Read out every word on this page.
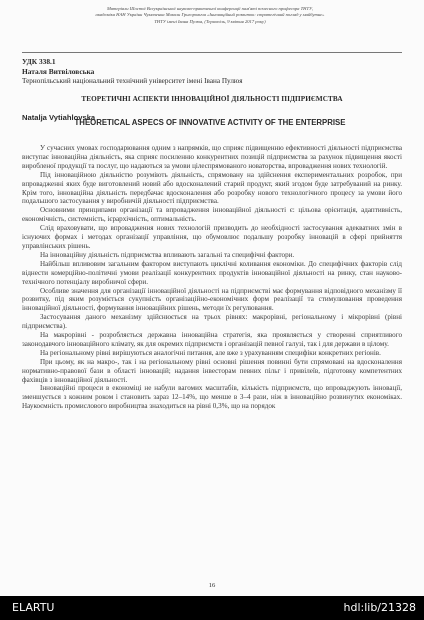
Матеріали Шостої Всеукраїнської науково-практичної конференції пам'яті почесного професора ТНТУ,
академіка НАН України Чумаченка Миколи Григоровича «Інноваційний розвиток: стратегічний погляд у майбутнє»
ТНТУ імені Івана Пулюя, (Тернопіль, 9 квітня 2017 року)
УДК 338.1
Наталя Витвіловська
Тернопільський національний технічний університет імені Івана Пулюя
ТЕОРЕТИЧНІ АСПЕКТИ ІННОВАЦІЙНОЇ ДІЯЛЬНОСТІ ПІДПРИЄМСТВА
Natalja Vytiahlovska
THEORETICAL ASPECS OF INNOVATIVE ACTIVITY OF THE ENTERPRISE

У сучасних умовах господарювання одним з напрямків, що сприяє підвищенню ефективності діяльності підприємства виступає інноваційна діяльність, яка сприяє посиленню конкурентних позицій підприємства за рахунок підвищення якості виробленої продукції та послуг, що надаються за умови цілеспрямованого новаторства, впровадження нових технологій.

Під інноваційною діяльністю розуміють діяльність, спрямовану на здійснення експериментальних розробок, при впровадженні яких буде виготовлений новий або вдосконалений старий продукт, який згодом буде затребуваний на ринку. Крім того, інноваційна діяльність передбачає вдосконалення або розробку нового технологічного процесу за умови його подальшого застосування у виробничій діяльності підприємства.

Основними принципами організації та впровадження інноваційної діяльності є: цільова орієнтація, адаптивність, економічність, системність, ієрархічність, оптимальність.

Слід враховувати, що впровадження нових технологій призводить до необхідності застосування адекватних змін в існуючих формах і методах організації управління, що обумовлює подальшу розробку інновацій в сфері прийняття управлінських рішень.

На інноваційну діяльність підприємства впливають загальні та специфічні фактори.

Найбільш впливовим загальним фактором виступають циклічні коливання економіки. До специфічних факторів слід віднести комерційно-політичні умови реалізації конкурентних продуктів інноваційної діяльності на ринку, стан науково-технічного потенціалу виробничої сфери.

Особливе значення для організації інноваційної діяльності на підприємстві має формування відповідного механізму її розвитку, під яким розуміється сукупність організаційно-економічних форм реалізації та стимулювання проведення інноваційної діяльності, формування інноваційних рішень, методи їх регулювання.

Застосування даного механізму здійснюється на трьох рівнях: макрорівні, регіональному і мікрорівні (рівні підприємства).

На макрорівні - розробляється державна інноваційна стратегія, яка проявляється у створенні сприятливого законодавчого інноваційного клімату, як для окремих підприємств і організацій певної галузі, так і для держави в цілому.

На регіональному рівні вирішуються аналогічні питання, але вже з урахуванням специфіки конкретних регіонів.

При цьому, як на макро-, так і на регіональному рівні основні рішення повинні бути спрямовані на вдосконалення нормативно-правової бази в області інновацій; надання інвесторам певних пільг і привілеїв, підготовку компетентних фахівців з інноваційної діяльності.

Інноваційні процеси в економіці не набули вагомих масштабів, кількість підприємств, що впроваджують інновації, зменшується з кожним роком і становить зараз 12–14%, що менше в 3–4 рази, ніж в інноваційно розвинутих економіках. Наукоємність промислового виробництва знаходиться на рівні 0,3%, що на порядок

16
ELARTU	hdl:lib/21328
